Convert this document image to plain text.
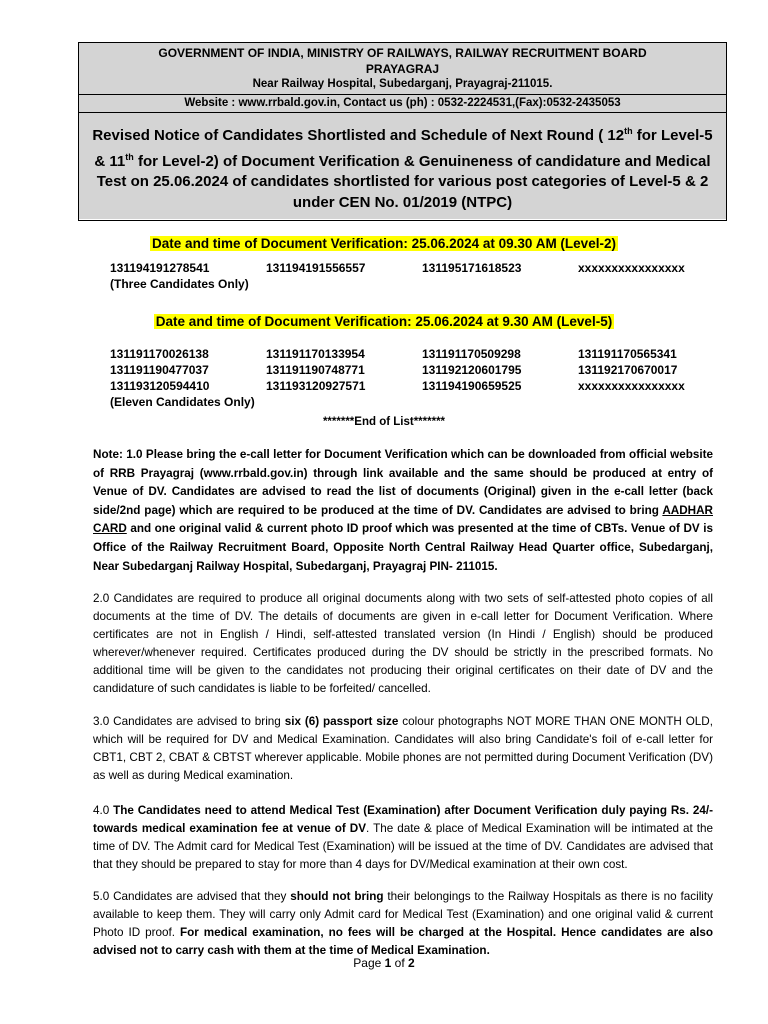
GOVERNMENT OF INDIA, MINISTRY OF RAILWAYS, RAILWAY RECRUITMENT BOARD
PRAYAGRAJ
Near Railway Hospital, Subedarganj, Prayagraj-211015.
Website : www.rrbald.gov.in, Contact us (ph) : 0532-2224531,(Fax):0532-2435053
Revised Notice of Candidates Shortlisted and Schedule of Next Round ( 12th for Level-5 & 11th for Level-2) of Document Verification & Genuineness of candidature and Medical Test on 25.06.2024 of candidates shortlisted for various post categories of Level-5 & 2 under CEN No. 01/2019 (NTPC)
Date and time of Document Verification: 25.06.2024 at 09.30 AM (Level-2)
131194191278541	131194191556557	131195171618523	xxxxxxxxxxxxxxxx
(Three Candidates Only)
Date and time of Document Verification: 25.06.2024 at 9.30 AM (Level-5)
131191170026138	131191170133954	131191170509298	131191170565341
131191190477037	131191190748771	131192120601795	131192170670017
131193120594410	131193120927571	131194190659525	xxxxxxxxxxxxxxxx
(Eleven Candidates Only)
*******End of List*******
Note: 1.0 Please bring the e-call letter for Document Verification which can be downloaded from official website of RRB Prayagraj (www.rrbald.gov.in) through link available and the same should be produced at entry of Venue of DV. Candidates are advised to read the list of documents (Original) given in the e-call letter (back side/2nd page) which are required to be produced at the time of DV. Candidates are advised to bring AADHAR CARD and one original valid & current photo ID proof which was presented at the time of CBTs. Venue of DV is Office of the Railway Recruitment Board, Opposite North Central Railway Head Quarter office, Subedarganj, Near Subedarganj Railway Hospital, Subedarganj, Prayagraj PIN- 211015.
2.0 Candidates are required to produce all original documents along with two sets of self-attested photo copies of all documents at the time of DV. The details of documents are given in e-call letter for Document Verification. Where certificates are not in English / Hindi, self-attested translated version (In Hindi / English) should be produced wherever/whenever required. Certificates produced during the DV should be strictly in the prescribed formats. No additional time will be given to the candidates not producing their original certificates on their date of DV and the candidature of such candidates is liable to be forfeited/ cancelled.
3.0 Candidates are advised to bring six (6) passport size colour photographs NOT MORE THAN ONE MONTH OLD, which will be required for DV and Medical Examination. Candidates will also bring Candidate's foil of e-call letter for CBT1, CBT 2, CBAT & CBTST wherever applicable. Mobile phones are not permitted during Document Verification (DV) as well as during Medical examination.
4.0 The Candidates need to attend Medical Test (Examination) after Document Verification duly paying Rs. 24/- towards medical examination fee at venue of DV. The date & place of Medical Examination will be intimated at the time of DV. The Admit card for Medical Test (Examination) will be issued at the time of DV. Candidates are advised that that they should be prepared to stay for more than 4 days for DV/Medical examination at their own cost.
5.0 Candidates are advised that they should not bring their belongings to the Railway Hospitals as there is no facility available to keep them. They will carry only Admit card for Medical Test (Examination) and one original valid & current Photo ID proof. For medical examination, no fees will be charged at the Hospital. Hence candidates are also advised not to carry cash with them at the time of Medical Examination.
Page 1 of 2
